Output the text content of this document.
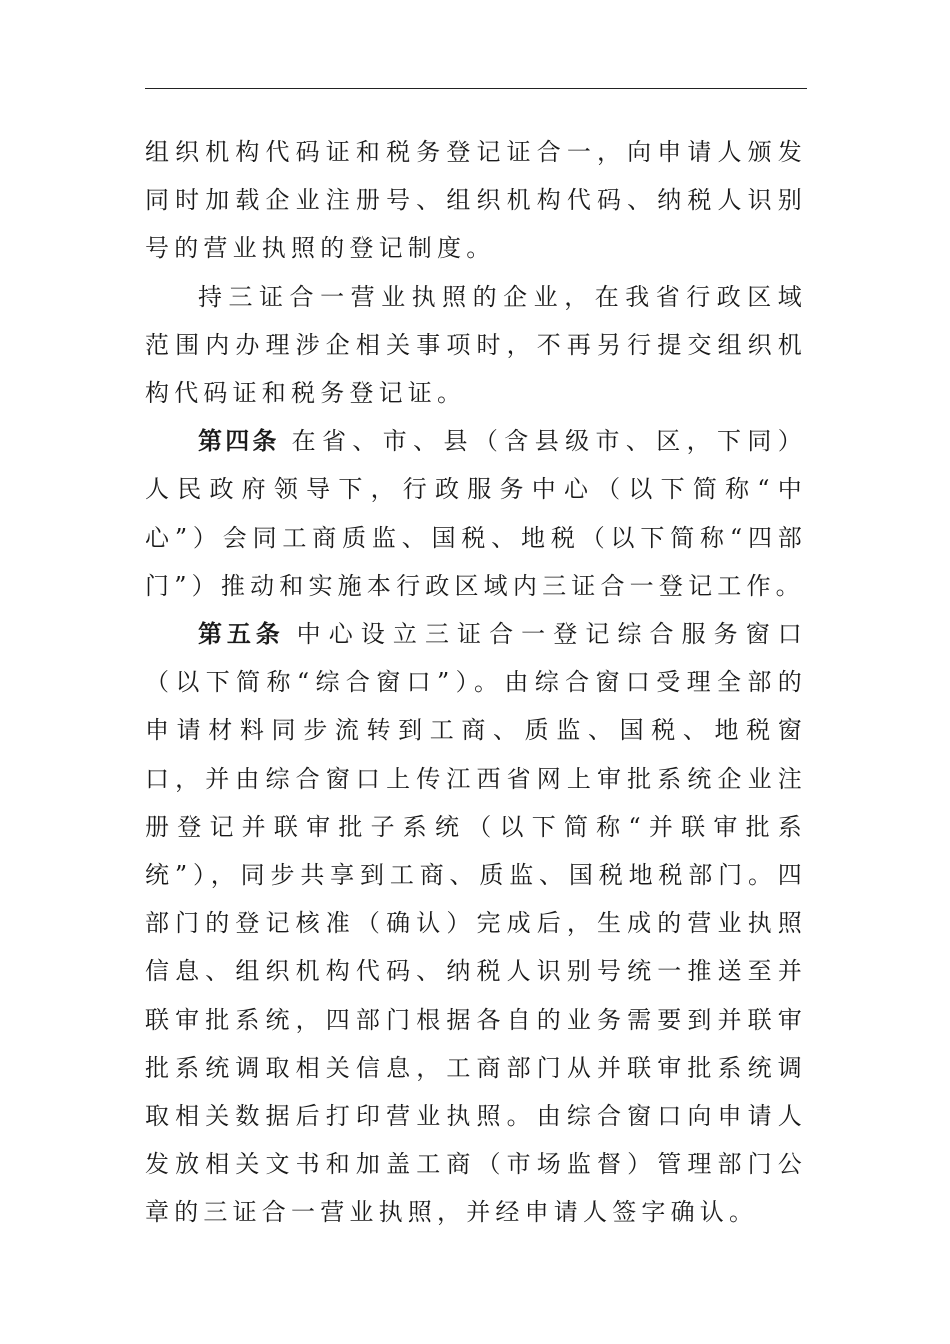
组织机构代码证和税务登记证合一，向申请人颁发同时加载企业注册号、组织机构代码、纳税人识别号的营业执照的登记制度。

持三证合一营业执照的企业，在我省行政区域范围内办理涉企相关事项时，不再另行提交组织机构代码证和税务登记证。

第四条 在省、市、县（含县级市、区，下同）人民政府领导下，行政服务中心（以下简称“中心”）会同工商质监、国税、地税（以下简称“四部门”）推动和实施本行政区域内三证合一登记工作。

第五条 中心设立三证合一登记综合服务窗口（以下简称“综合窗口”）。由综合窗口受理全部的申请材料同步流转到工商、质监、国税、地税窗口，并由综合窗口上传江西省网上审批系统企业注册登记并联审批子系统（以下简称“并联审批系统”），同步共享到工商、质监、国税地税部门。四部门的登记核准（确认）完成后，生成的营业执照信息、组织机构代码、纳税人识别号统一推送至并联审批系统，四部门根据各自的业务需要到并联审批系统调取相关信息，工商部门从并联审批系统调取相关数据后打印营业执照。由综合窗口向申请人发放相关文书和加盖工商（市场监督）管理部门公章的三证合一营业执照，并经申请人签字确认。
